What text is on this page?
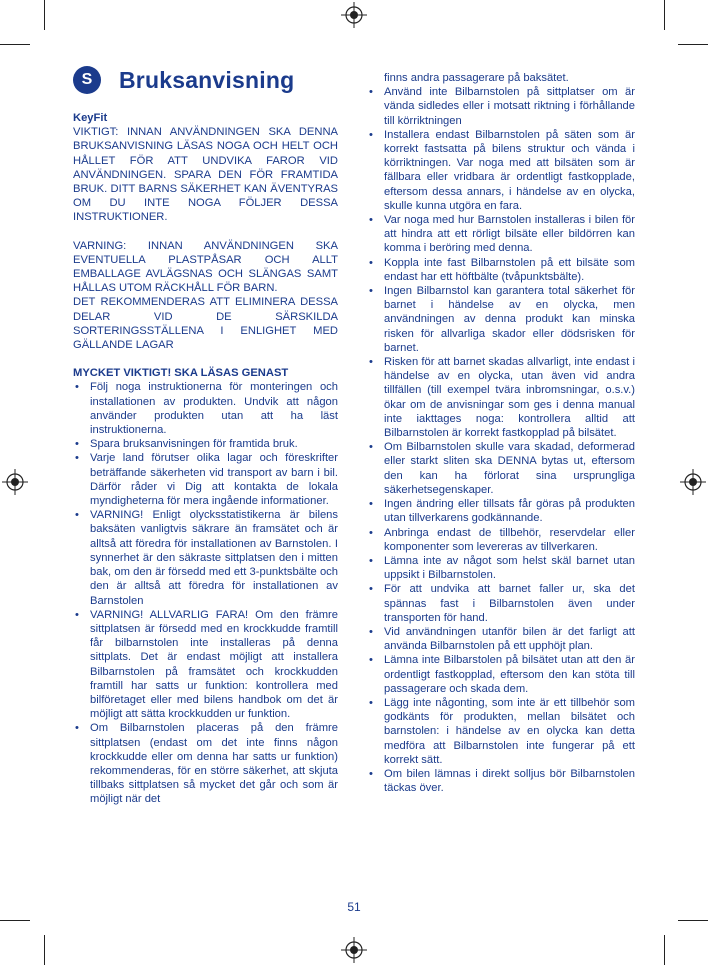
S	Bruksanvisning

KeyFit

VIKTIGT: INNAN ANVÄNDNINGEN SKA DENNA BRUKSANVISNING LÄSAS NOGA OCH HELT OCH HÅLLET FÖR ATT UNDVIKA FAROR VID ANVÄNDNINGEN. SPARA DEN FÖR FRAMTIDA BRUK. DITT BARNS SÄKERHET KAN ÄVENTYRAS OM DU INTE NOGA FÖLJER DESSA INSTRUKTIONER.

VARNING: INNAN ANVÄNDNINGEN SKA EVENTUELLA PLASTPÅSAR OCH ALLT EMBALLAGE AVLÄGSNAS OCH SLÄNGAS SAMT HÅLLAS UTOM RÄCKHÅLL FÖR BARN.

DET REKOMMENDERAS ATT ELIMINERA DESSA DELAR VID DE SÄRSKILDA SORTERINGSSTÄLLENA I ENLIGHET MED GÄLLANDE LAGAR

MYCKET VIKTIGT! SKA LÄSAS GENAST

• Följ noga instruktionerna för monteringen och installationen av produkten. Undvik att någon använder produkten utan att ha läst instruktionerna.
• Spara bruksanvisningen för framtida bruk.
• Varje land förutser olika lagar och föreskrifter beträffande säkerheten vid transport av barn i bil. Därför råder vi Dig att kontakta de lokala myndigheterna för mera ingående informationer.
• VARNING! Enligt olycksstatistikerna är bilens baksäten vanligtvis säkrare än framsätet och är alltså att föredra för installationen av Barnstolen. I synnerhet är den säkraste sittplatsen den i mitten bak, om den är försedd med ett 3-punktsbälte och den är alltså att föredra för installationen av Barnstolen
• VARNING! ALLVARLIG FARA! Om den främre sittplatsen är försedd med en krockkudde framtill får bilbarnstolen inte installeras på denna sittplats. Det är endast möjligt att installera Bilbarnstolen på framsätet och krockkudden framtill har satts ur funktion: kontrollera med bilföretaget eller med bilens handbok om det är möjligt att sätta krockkudden ur funktion.
• Om Bilbarnstolen placeras på den främre sittplatsen (endast om det inte finns någon krockkudde eller om denna har satts ur funktion) rekommenderas, för en större säkerhet, att skjuta tillbaks sittplatsen så mycket det går och som är möjligt när det

finns andra passagerare på baksätet.

• Använd inte Bilbarnstolen på sittplatser om är vända sidledes eller i motsatt riktning i förhållande till körriktningen
• Installera endast Bilbarnstolen på säten som är korrekt fastsatta på bilens struktur och vända i körriktningen. Var noga med att bilsäten som är fällbara eller vridbara är ordentligt fastkopplade, eftersom dessa annars, i händelse av en olycka, skulle kunna utgöra en fara.
• Var noga med hur Barnstolen installeras i bilen för att hindra att ett rörligt bilsäte eller bildörren kan komma i beröring med denna.
• Koppla inte fast Bilbarnstolen på ett bilsäte som endast har ett höftbälte (tvåpunktsbälte).
• Ingen Bilbarnstol kan garantera total säkerhet för barnet i händelse av en olycka, men användningen av denna produkt kan minska risken för allvarliga skador eller dödsrisken för barnet.
• Risken för att barnet skadas allvarligt, inte endast i händelse av en olycka, utan även vid andra tillfällen (till exempel tvära inbromsningar, o.s.v.) ökar om de anvisningar som ges i denna manual inte iakttages noga: kontrollera alltid att Bilbarnstolen är korrekt fastkopplad på bilsätet.
• Om Bilbarnstolen skulle vara skadad, deformerad eller starkt sliten ska DENNA bytas ut, eftersom den kan ha förlorat sina ursprungliga säkerhetsegenskaper.
• Ingen ändring eller tillsats får göras på produkten utan tillverkarens godkännande.
• Anbringa endast de tillbehör, reservdelar eller komponenter som levereras av tillverkaren.
• Lämna inte av något som helst skäl barnet utan uppsikt i Bilbarnstolen.
• För att undvika att barnet faller ur, ska det spännas fast i Bilbarnstolen även under transporten för hand.
• Vid användningen utanför bilen är det farligt att använda Bilbarnstolen på ett upphöjt plan.
• Lämna inte Bilbarstolen på bilsätet utan att den är ordentligt fastkopplad, eftersom den kan stöta till passagerare och skada dem.
• Lägg inte någonting, som inte är ett tillbehör som godkänts för produkten, mellan bilsätet och barnstolen: i händelse av en olycka kan detta medföra att Bilbarnstolen inte fungerar på ett korrekt sätt.
• Om bilen lämnas i direkt solljus bör Bilbarnstolen täckas över.
51
